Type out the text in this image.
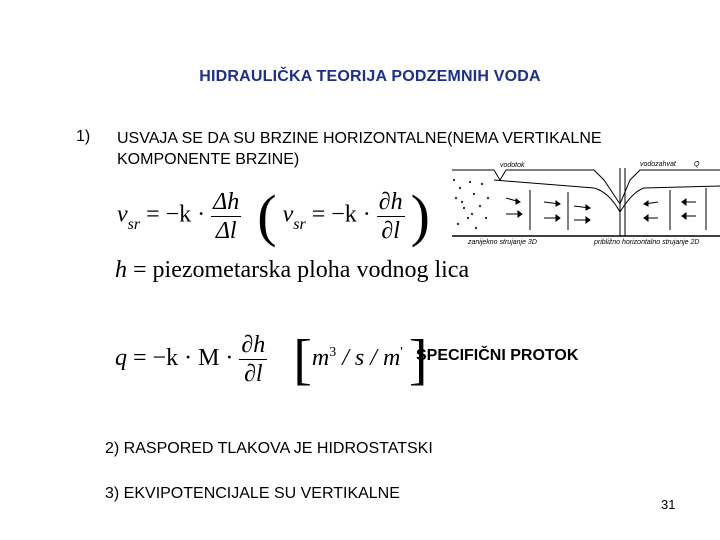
HIDRAULIČKA TEORIJA PODZEMNIH VODA
1) USVAJA SE DA SU BRZINE HORIZONTALNE(NEMA VERTIKALNE KOMPONENTE BRZINE)
$v_{sr} = -k \cdot \frac{\Delta h}{\Delta l}$ ( $v_{sr} = -k \cdot \frac{\partial h}{\partial l}$ )
h = piezometarska ploha vodnog lica
vodotok	vodozahvat	Q
zanijekno strujanje 3D	približno horizontalno strujanje 2D
$q = -k \cdot M \cdot \frac{\partial h}{\partial l} [m^3 / s / m'$ ]
SPECIFIČNI PROTOK
2) RASPORED TLAKOVA JE HIDROSTATSKI
3) EKVIPOTENCIJALE SU VERTIKALNE
31
